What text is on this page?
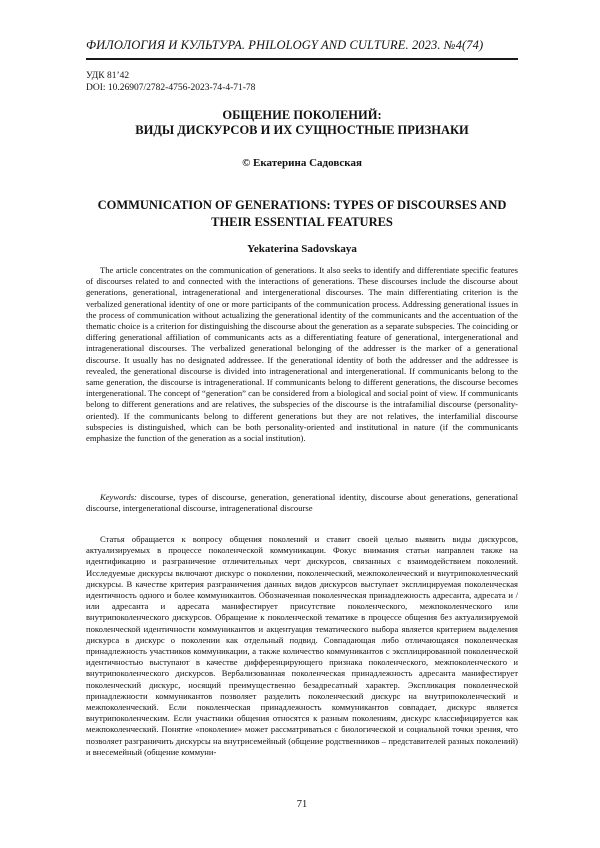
ФИЛОЛОГИЯ И КУЛЬТУРА. PHILOLOGY AND CULTURE. 2023. №4(74)
УДК 81’42
DOI: 10.26907/2782-4756-2023-74-4-71-78
ОБЩЕНИЕ ПОКОЛЕНИЙ:
ВИДЫ ДИСКУРСОВ И ИХ СУЩНОСТНЫЕ ПРИЗНАКИ
© Екатерина Садовская
COMMUNICATION OF GENERATIONS: TYPES OF DISCOURSES AND
THEIR ESSENTIAL FEATURES
Yekaterina Sadovskaya

The article concentrates on the communication of generations. It also seeks to identify and differentiate specific features of discourses related to and connected with the interactions of generations. These discourses include the discourse about generations, generational, intragenerational and intergenerational discourses. The main differentiating criterion is the verbalized generational identity of one or more participants of the communication process. Addressing generational issues in the process of communication without actualizing the generational identity of the communicants and the accentuation of the thematic choice is a criterion for distinguishing the discourse about the generation as a separate subspecies. The coinciding or differing generational affiliation of communicants acts as a differentiating feature of generational, intergenerational and intragenerational discourses. The verbalized generational belonging of the addresser is the marker of a generational discourse. It usually has no designated addressee. If the generational identity of both the addresser and the addressee is revealed, the generational discourse is divided into intragenerational and intergenerational. If communicants belong to the same generation, the discourse is intragenerational. If communicants belong to different generations, the discourse becomes intergenerational. The concept of “generation” can be considered from a biological and social point of view. If communicants belong to different generations and are relatives, the subspecies of the discourse is the intrafamilial discourse (personality-oriented). If the communicants belong to different generations but they are not relatives, the interfamilial discourse subspecies is distinguished, which can be both personality-oriented and institutional in nature (if the communicants emphasize the function of the generation as a social institution).

Keywords: discourse, types of discourse, generation, generational identity, discourse about generations, generational discourse, intergenerational discourse, intragenerational discourse

Статья обращается к вопросу общения поколений и ставит своей целью выявить виды дискурсов, актуализируемых в процессе поколенческой коммуникации. Фокус внимания статьи направлен также на идентификацию и разграничение отличительных черт дискурсов, связанных с взаимодействием поколений. Исследуемые дискурсы включают дискурс о поколении, поколенческий, межпоколенческий и внутрипоколенческий дискурсы. В качестве критерия разграничения данных видов дискурсов выступает эксплицируемая поколенческая идентичность одного и более коммуникантов. Обозначенная поколенческая принадлежность адресанта, адресата и / или адресанта и адресата манифестирует присутствие поколенческого, межпоколенческого или внутрипоколенческого дискурсов. Обращение к поколенческой тематике в процессе общения без актуализируемой поколенческой идентичности коммуникантов и акцентуация тематического выбора является критерием выделения дискурса в дискурс о поколении как отдельный подвид. Совпадающая либо отличающаяся поколенческая принадлежность участников коммуникации, а также количество коммуникантов с эксплицированной поколенческой идентичностью выступают в качестве дифференцирующего признака поколенческого, межпоколенческого и внутрипоколенческого дискурсов. Вербализованная поколенческая принадлежность адресанта манифестирует поколенческий дискурс, носящий преимущественно безадресатный характер. Экспликация поколенческой принадлежности коммуникантов позволяет разделить поколенческий дискурс на внутрипоколенческий и межпоколенческий. Если поколенческая принадлежность коммуникантов совпадает, дискурс является внутрипоколенческим. Если участники общения относятся к разным поколениям, дискурс классифицируется как межпоколенческий. Понятие «поколение» может рассматриваться с биологической и социальной точки зрения, что позволяет разграничить дискурсы на внутрисемейный (общение родственников – представителей разных поколений) и внесемейный (общение коммуни-

71
